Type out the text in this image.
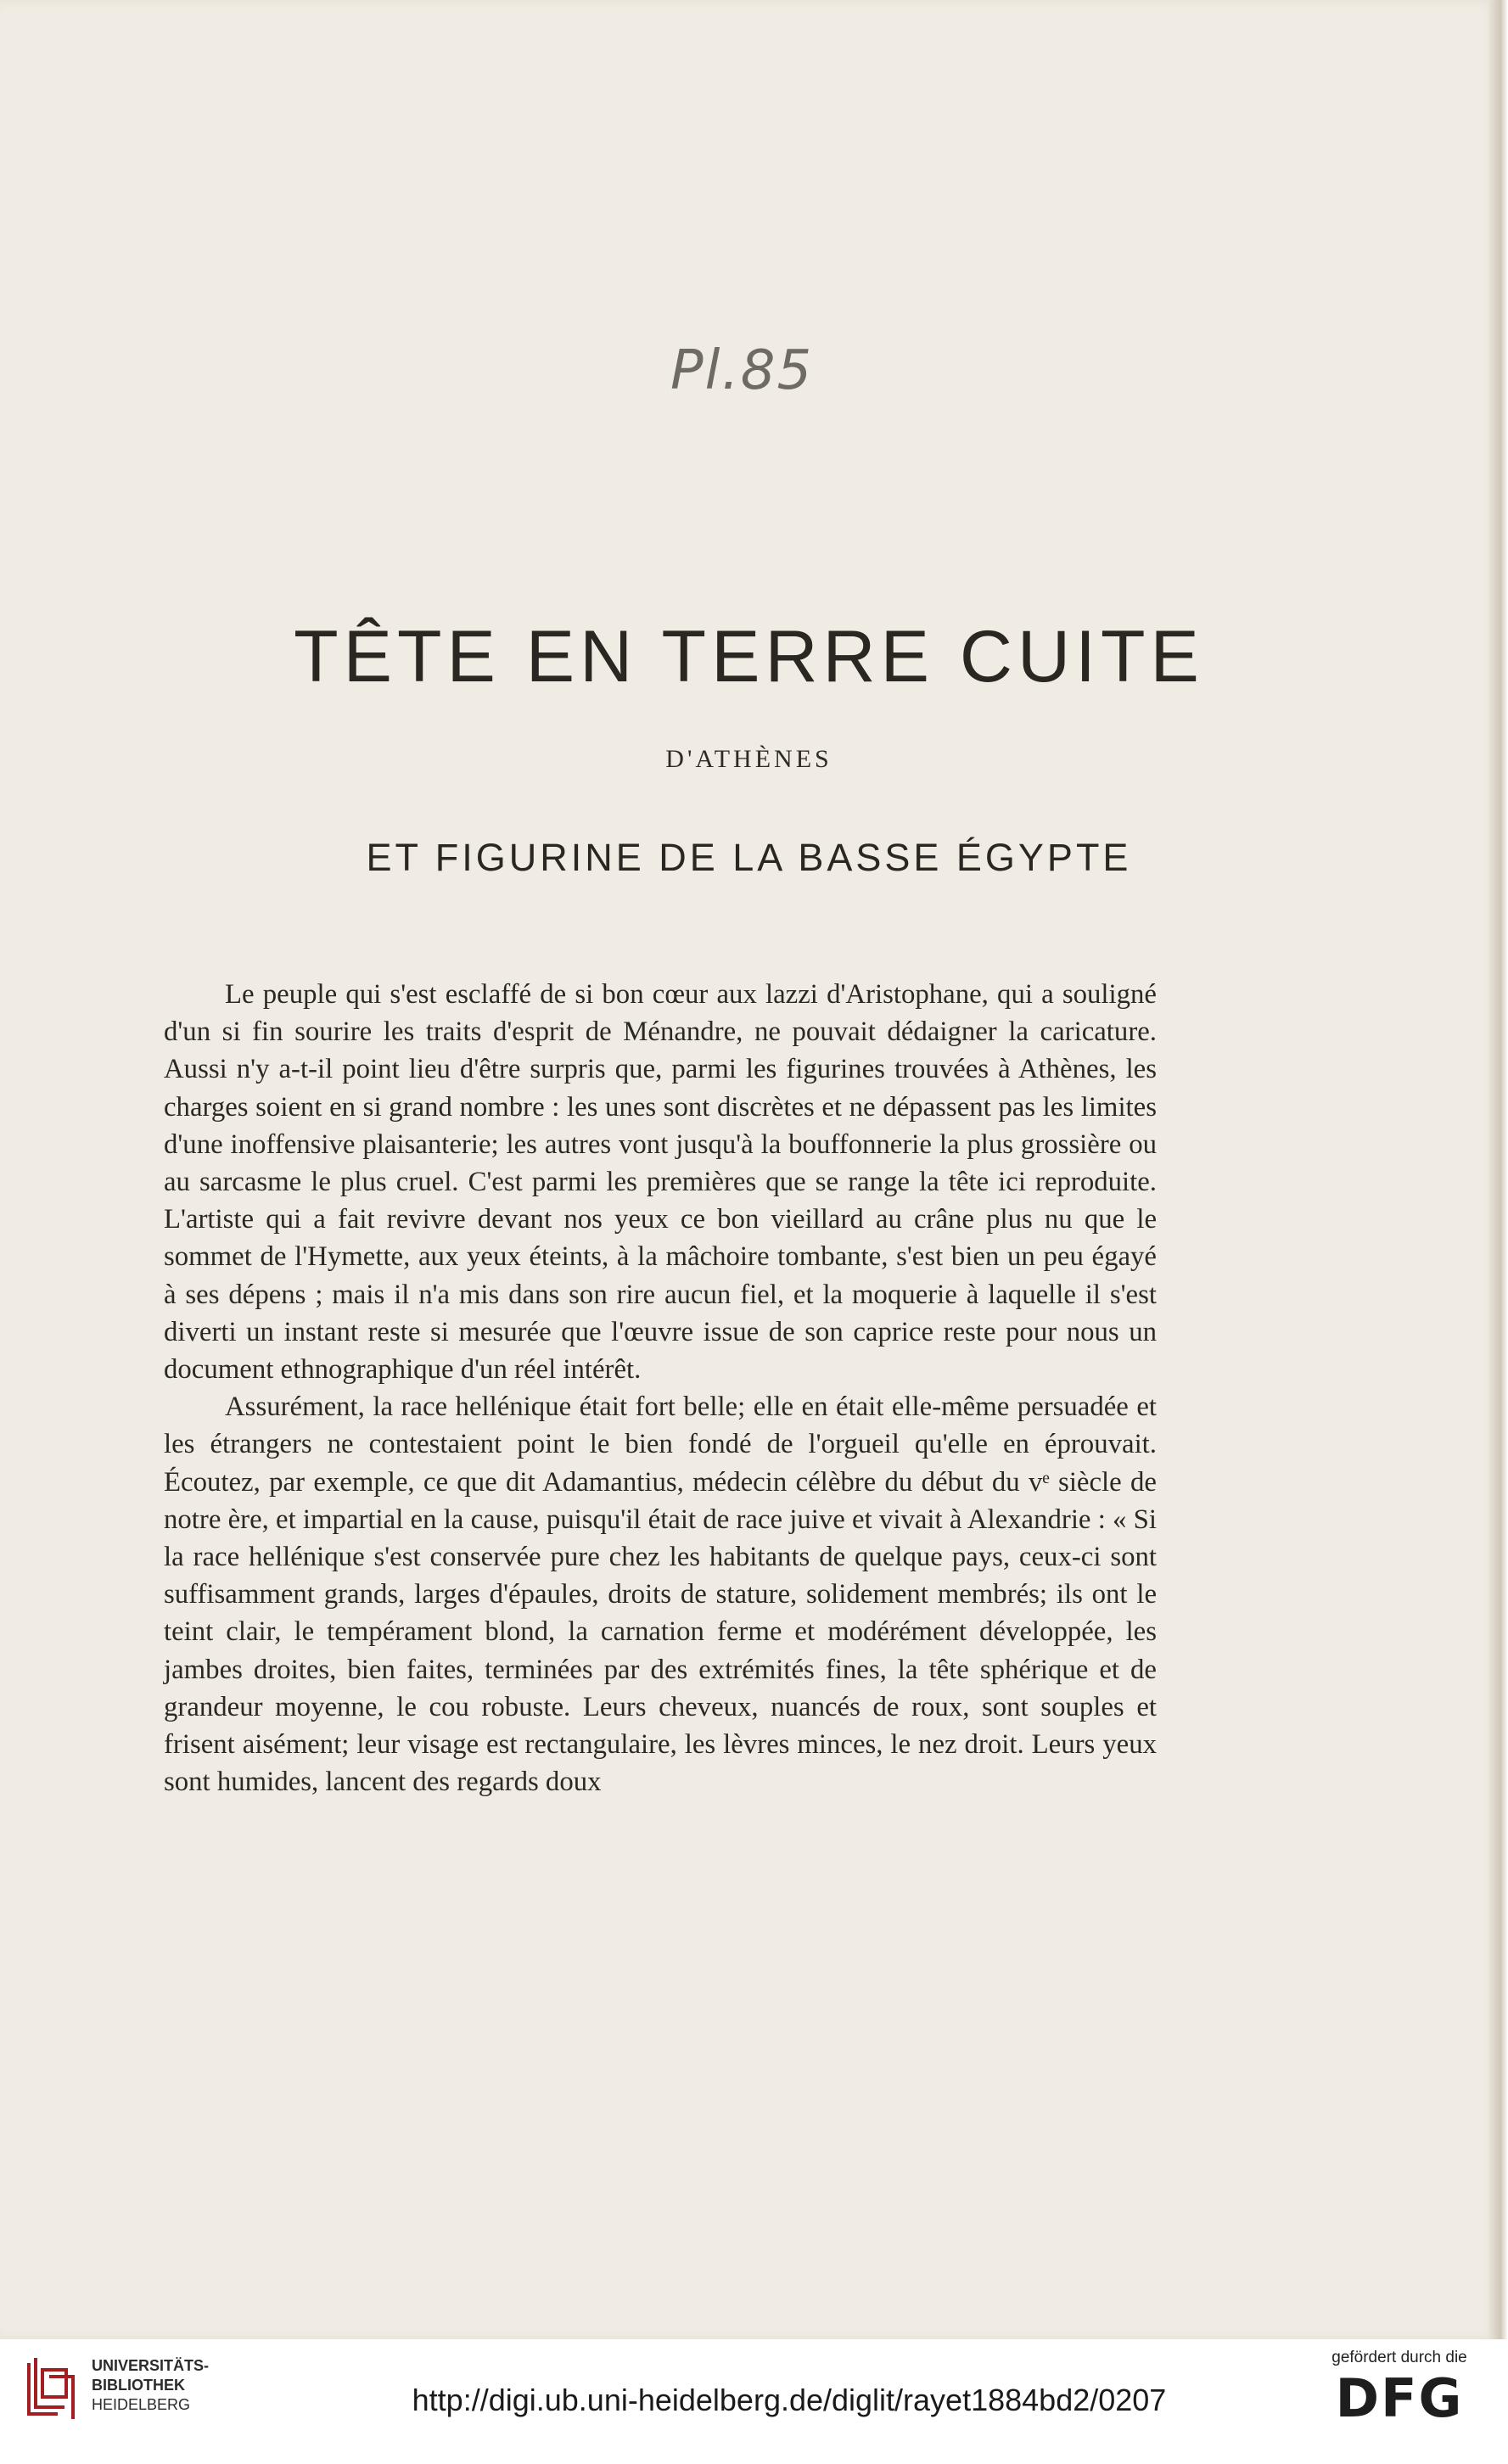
Pl.85
TÊTE EN TERRE CUITE
D'ATHÈNES
ET FIGURINE DE LA BASSE ÉGYPTE

Le peuple qui s'est esclaffé de si bon cœur aux lazzi d'Aristophane, qui a souligné d'un si fin sourire les traits d'esprit de Ménandre, ne pouvait dédaigner la caricature. Aussi n'y a-t-il point lieu d'être surpris que, parmi les figurines trouvées à Athènes, les charges soient en si grand nombre : les unes sont discrètes et ne dépassent pas les limites d'une inoffensive plaisanterie; les autres vont jusqu'à la bouffonnerie la plus grossière ou au sarcasme le plus cruel. C'est parmi les premières que se range la tête ici reproduite. L'artiste qui a fait revivre devant nos yeux ce bon vieillard au crâne plus nu que le sommet de l'Hymette, aux yeux éteints, à la mâchoire tombante, s'est bien un peu égayé à ses dépens ; mais il n'a mis dans son rire aucun fiel, et la moquerie à laquelle il s'est diverti un instant reste si mesurée que l'œuvre issue de son caprice reste pour nous un document ethnographique d'un réel intérêt.

Assurément, la race hellénique était fort belle; elle en était elle-même persuadée et les étrangers ne contestaient point le bien fondé de l'orgueil qu'elle en éprouvait. Écoutez, par exemple, ce que dit Adamantius, médecin célèbre du début du vᵉ siècle de notre ère, et impartial en la cause, puisqu'il était de race juive et vivait à Alexandrie : « Si la race hellénique s'est conservée pure chez les habitants de quelque pays, ceux-ci sont suffisamment grands, larges d'épaules, droits de stature, solidement membrés; ils ont le teint clair, le tempérament blond, la carnation ferme et modérément développée, les jambes droites, bien faites, terminées par des extrémités fines, la tête sphérique et de grandeur moyenne, le cou robuste. Leurs cheveux, nuancés de roux, sont souples et frisent aisément; leur visage est rectangulaire, les lèvres minces, le nez droit. Leurs yeux sont humides, lancent des regards doux

UNIVERSITÄTS-
BIBLIOTHEK
HEIDELBERG	http://digi.ub.uni-heidelberg.de/diglit/rayet1884bd2/0207
gefördert durch die
DFG
